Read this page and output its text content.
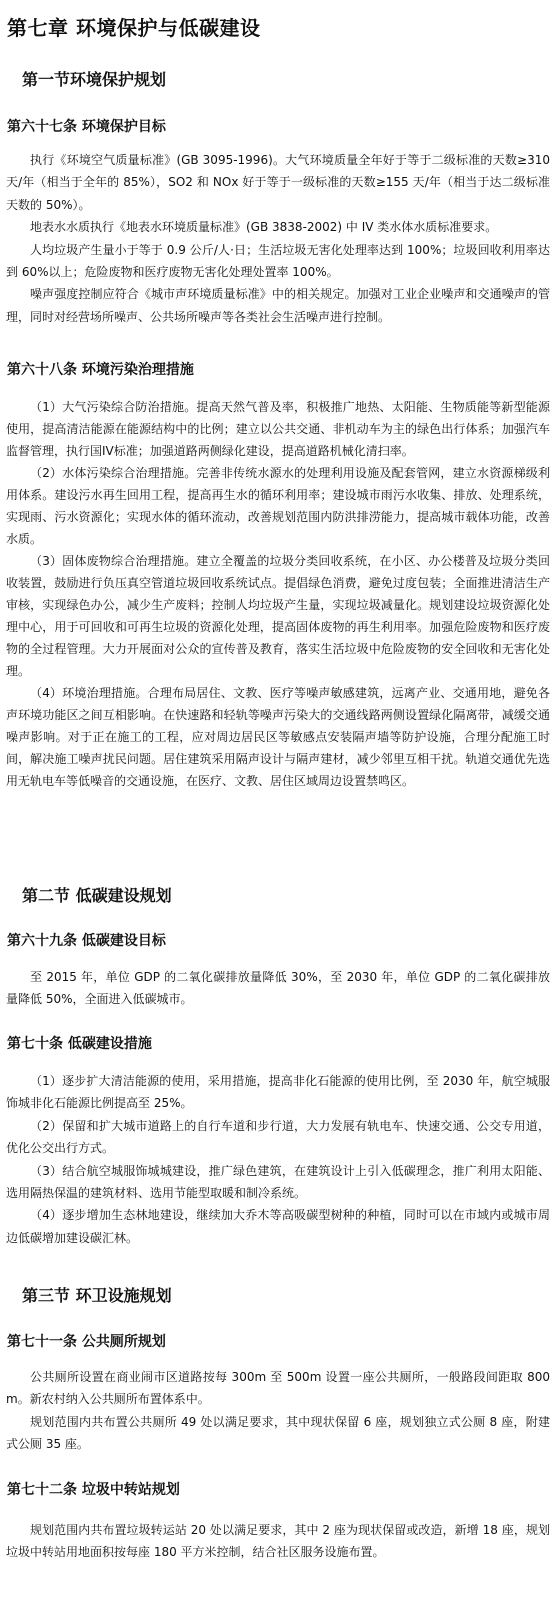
第七章 环境保护与低碳建设
第一节环境保护规划
第六十七条 环境保护目标

执行《环境空气质量标准》(GB 3095-1996)。大气环境质量全年好于等于二级标准的天数≥310 天/年（相当于全年的 85%），SO2 和 NOx 好于等于一级标准的天数≥155 天/年（相当于达二级标准天数的 50%）。

地表水水质执行《地表水环境质量标准》(GB 3838-2002) 中 IV 类水体水质标准要求。

人均垃圾产生量小于等于 0.9 公斤/人·日；生活垃圾无害化处理率达到 100%；垃圾回收利用率达到 60%以上；危险废物和医疗废物无害化处理处置率 100%。

噪声强度控制应符合《城市声环境质量标准》中的相关规定。加强对工业企业噪声和交通噪声的管理，同时对经营场所噪声、公共场所噪声等各类社会生活噪声进行控制。

第六十八条 环境污染治理措施

（1）大气污染综合防治措施。提高天然气普及率，积极推广地热、太阳能、生物质能等新型能源使用，提高清洁能源在能源结构中的比例；建立以公共交通、非机动车为主的绿色出行体系；加强汽车监督管理，执行国IV标准；加强道路两侧绿化建设，提高道路机械化清扫率。

（2）水体污染综合治理措施。完善非传统水源水的处理利用设施及配套管网，建立水资源梯级利用体系。建设污水再生回用工程，提高再生水的循环利用率；建设城市雨污水收集、排放、处理系统，实现雨、污水资源化；实现水体的循环流动，改善规划范围内防洪排涝能力，提高城市载体功能，改善水质。

（3）固体废物综合治理措施。建立全覆盖的垃圾分类回收系统，在小区、办公楼普及垃圾分类回收装置，鼓励进行负压真空管道垃圾回收系统试点。提倡绿色消费，避免过度包装；全面推进清洁生产审核，实现绿色办公，减少生产废料；控制人均垃圾产生量，实现垃圾减量化。规划建设垃圾资源化处理中心，用于可回收和可再生垃圾的资源化处理，提高固体废物的再生利用率。加强危险废物和医疗废物的全过程管理。大力开展面对公众的宣传普及教育，落实生活垃圾中危险废物的安全回收和无害化处理。

（4）环境治理措施。合理布局居住、文教、医疗等噪声敏感建筑，远离产业、交通用地，避免各声环境功能区之间互相影响。在快速路和轻轨等噪声污染大的交通线路两侧设置绿化隔离带，减缓交通噪声影响。对于正在施工的工程，应对周边居民区等敏感点安装隔声墙等防护设施，合理分配施工时间，解决施工噪声扰民问题。居住建筑采用隔声设计与隔声建材，减少邻里互相干扰。轨道交通优先选用无轨电车等低噪音的交通设施，在医疗、文教、居住区域周边设置禁鸣区。

第二节 低碳建设规划
第六十九条 低碳建设目标

至 2015 年，单位 GDP 的二氧化碳排放量降低 30%，至 2030 年，单位 GDP 的二氧化碳排放量降低 50%，全面进入低碳城市。

第七十条 低碳建设措施

（1）逐步扩大清洁能源的使用，采用措施，提高非化石能源的使用比例，至 2030 年，航空城服饰城非化石能源比例提高至 25%。

（2）保留和扩大城市道路上的自行车道和步行道，大力发展有轨电车、快速交通、公交专用道，优化公交出行方式。

（3）结合航空城服饰城城建设，推广绿色建筑，在建筑设计上引入低碳理念，推广利用太阳能、选用隔热保温的建筑材料、选用节能型取暖和制冷系统。

（4）逐步增加生态林地建设，继续加大乔木等高吸碳型树种的种植，同时可以在市域内或城市周边低碳增加建设碳汇林。

第三节 环卫设施规划
第七十一条 公共厕所规划

公共厕所设置在商业闹市区道路按每 300m 至 500m 设置一座公共厕所，一般路段间距取 800m。新农村纳入公共厕所布置体系中。

规划范围内共布置公共厕所 49 处以满足要求，其中现状保留 6 座，规划独立式公厕 8 座，附建式公厕 35 座。

第七十二条 垃圾中转站规划

规划范围内共布置垃圾转运站 20 处以满足要求，其中 2 座为现状保留或改造，新增 18 座，规划垃圾中转站用地面积按每座 180 平方米控制，结合社区服务设施布置。
